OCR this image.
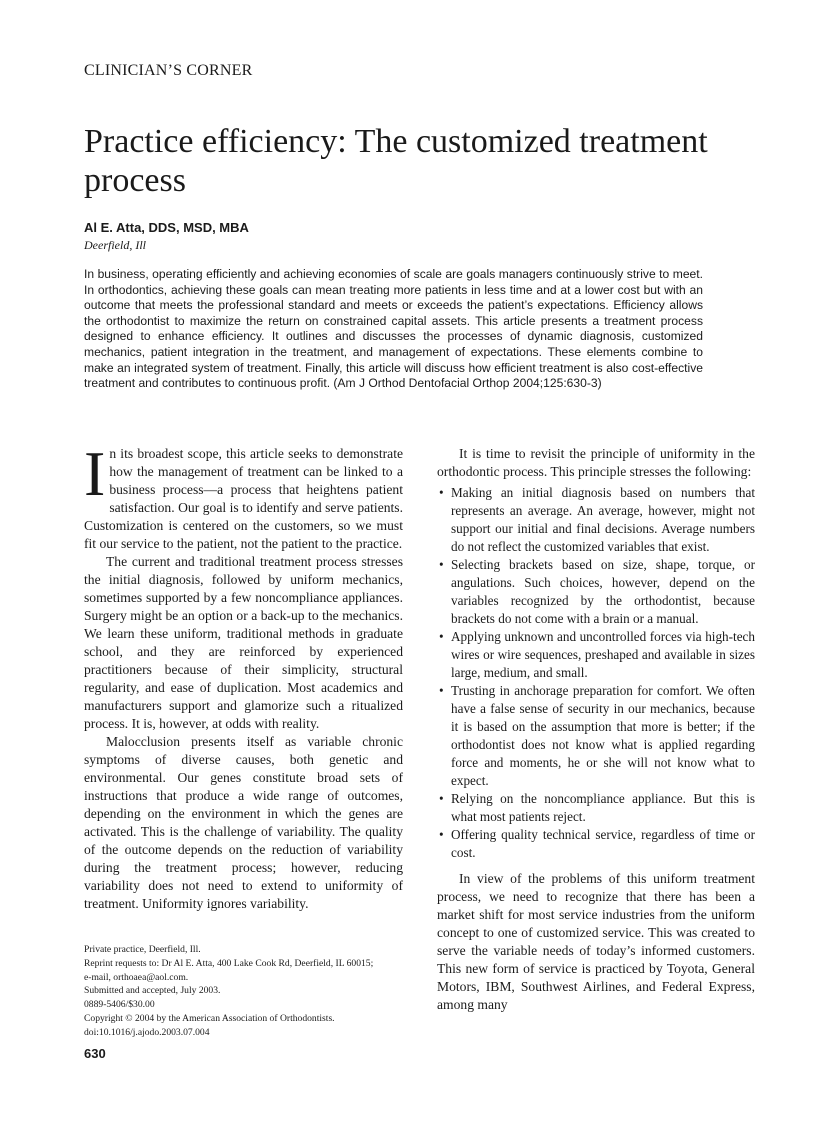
CLINICIAN’S CORNER
Practice efficiency: The customized treatment process
Al E. Atta, DDS, MSD, MBA
Deerfield, Ill

In business, operating efficiently and achieving economies of scale are goals managers continuously strive to meet. In orthodontics, achieving these goals can mean treating more patients in less time and at a lower cost but with an outcome that meets the professional standard and meets or exceeds the patient’s expectations. Efficiency allows the orthodontist to maximize the return on constrained capital assets. This article presents a treatment process designed to enhance efficiency. It outlines and discusses the processes of dynamic diagnosis, customized mechanics, patient integration in the treatment, and management of expectations. These elements combine to make an integrated system of treatment. Finally, this article will discuss how efficient treatment is also cost-effective treatment and contributes to continuous profit. (Am J Orthod Dentofacial Orthop 2004;125:630-3)

I n its broadest scope, this article seeks to demonstrate how the management of treatment can be linked to a business process—a process that heightens patient satisfaction. Our goal is to identify and serve patients. Customization is centered on the customers, so we must fit our service to the patient, not the patient to the practice.

The current and traditional treatment process stresses the initial diagnosis, followed by uniform mechanics, sometimes supported by a few noncompliance appliances. Surgery might be an option or a back-up to the mechanics. We learn these uniform, traditional methods in graduate school, and they are reinforced by experienced practitioners because of their simplicity, structural regularity, and ease of duplication. Most academics and manufacturers support and glamorize such a ritualized process. It is, however, at odds with reality.

Malocclusion presents itself as variable chronic symptoms of diverse causes, both genetic and environmental. Our genes constitute broad sets of instructions that produce a wide range of outcomes, depending on the environment in which the genes are activated. This is the challenge of variability. The quality of the outcome depends on the reduction of variability during the treatment process; however, reducing variability does not need to extend to uniformity of treatment. Uniformity ignores variability.

It is time to revisit the principle of uniformity in the orthodontic process. This principle stresses the following:

• Making an initial diagnosis based on numbers that represents an average. An average, however, might not support our initial and final decisions. Average numbers do not reflect the customized variables that exist.
• Selecting brackets based on size, shape, torque, or angulations. Such choices, however, depend on the variables recognized by the orthodontist, because brackets do not come with a brain or a manual.
• Applying unknown and uncontrolled forces via high-tech wires or wire sequences, preshaped and available in sizes large, medium, and small.
• Trusting in anchorage preparation for comfort. We often have a false sense of security in our mechanics, because it is based on the assumption that more is better; if the orthodontist does not know what is applied regarding force and moments, he or she will not know what to expect.
• Relying on the noncompliance appliance. But this is what most patients reject.
• Offering quality technical service, regardless of time or cost.

In view of the problems of this uniform treatment process, we need to recognize that there has been a market shift for most service industries from the uniform concept to one of customized service. This was created to serve the variable needs of today’s informed customers. This new form of service is practiced by Toyota, General Motors, IBM, Southwest Airlines, and Federal Express, among many

Private practice, Deerfield, Ill.
Reprint requests to: Dr Al E. Atta, 400 Lake Cook Rd, Deerfield, IL 60015;
e-mail, orthoaea@aol.com.
Submitted and accepted, July 2003.
0889-5406/$30.00
Copyright © 2004 by the American Association of Orthodontists.
doi:10.1016/j.ajodo.2003.07.004
630
